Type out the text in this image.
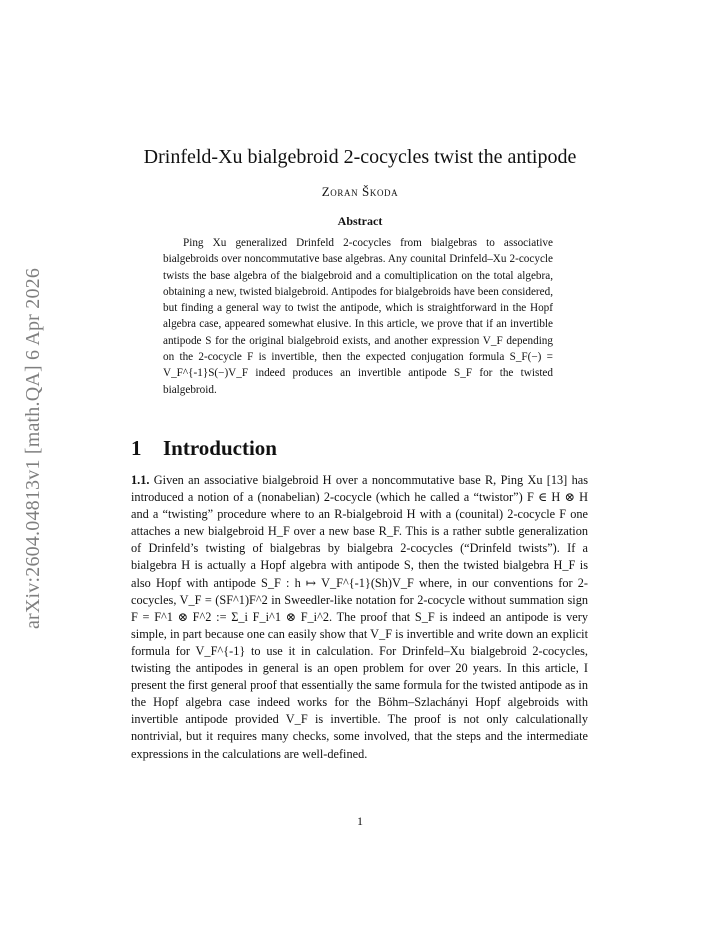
arXiv:2604.04813v1 [math.QA] 6 Apr 2026
Drinfeld-Xu bialgebroid 2-cocycles twist the antipode
Zoran Škoda
Abstract

Ping Xu generalized Drinfeld 2-cocycles from bialgebras to associative bialgebroids over noncommutative base algebras. Any counital Drinfeld–Xu 2-cocycle twists the base algebra of the bialgebroid and a comultiplication on the total algebra, obtaining a new, twisted bialgebroid. Antipodes for bialgebroids have been considered, but finding a general way to twist the antipode, which is straightforward in the Hopf algebra case, appeared somewhat elusive. In this article, we prove that if an invertible antipode S for the original bialgebroid exists, and another expression V_F depending on the 2-cocycle F is invertible, then the expected conjugation formula S_F(−) = V_F^{-1}S(−)V_F indeed produces an invertible antipode S_F for the twisted bialgebroid.

1 Introduction

1.1. Given an associative bialgebroid H over a noncommutative base R, Ping Xu [13] has introduced a notion of a (nonabelian) 2-cocycle (which he called a “twistor”) F ∈ H ⊗ H and a “twisting” procedure where to an R-bialgebroid H with a (counital) 2-cocycle F one attaches a new bialgebroid H_F over a new base R_F. This is a rather subtle generalization of Drinfeld’s twisting of bialgebras by bialgebra 2-cocycles (“Drinfeld twists”). If a bialgebra H is actually a Hopf algebra with antipode S, then the twisted bialgebra H_F is also Hopf with antipode S_F : h ↦ V_F^{-1}(Sh)V_F where, in our conventions for 2-cocycles, V_F = (SF^1)F^2 in Sweedler-like notation for 2-cocycle without summation sign F = F^1 ⊗ F^2 := Σ_i F_i^1 ⊗ F_i^2. The proof that S_F is indeed an antipode is very simple, in part because one can easily show that V_F is invertible and write down an explicit formula for V_F^{-1} to use it in calculation. For Drinfeld–Xu bialgebroid 2-cocycles, twisting the antipodes in general is an open problem for over 20 years. In this article, I present the first general proof that essentially the same formula for the twisted antipode as in the Hopf algebra case indeed works for the Böhm–Szlachányi Hopf algebroids with invertible antipode provided V_F is invertible. The proof is not only calculationally nontrivial, but it requires many checks, some involved, that the steps and the intermediate expressions in the calculations are well-defined.

1
